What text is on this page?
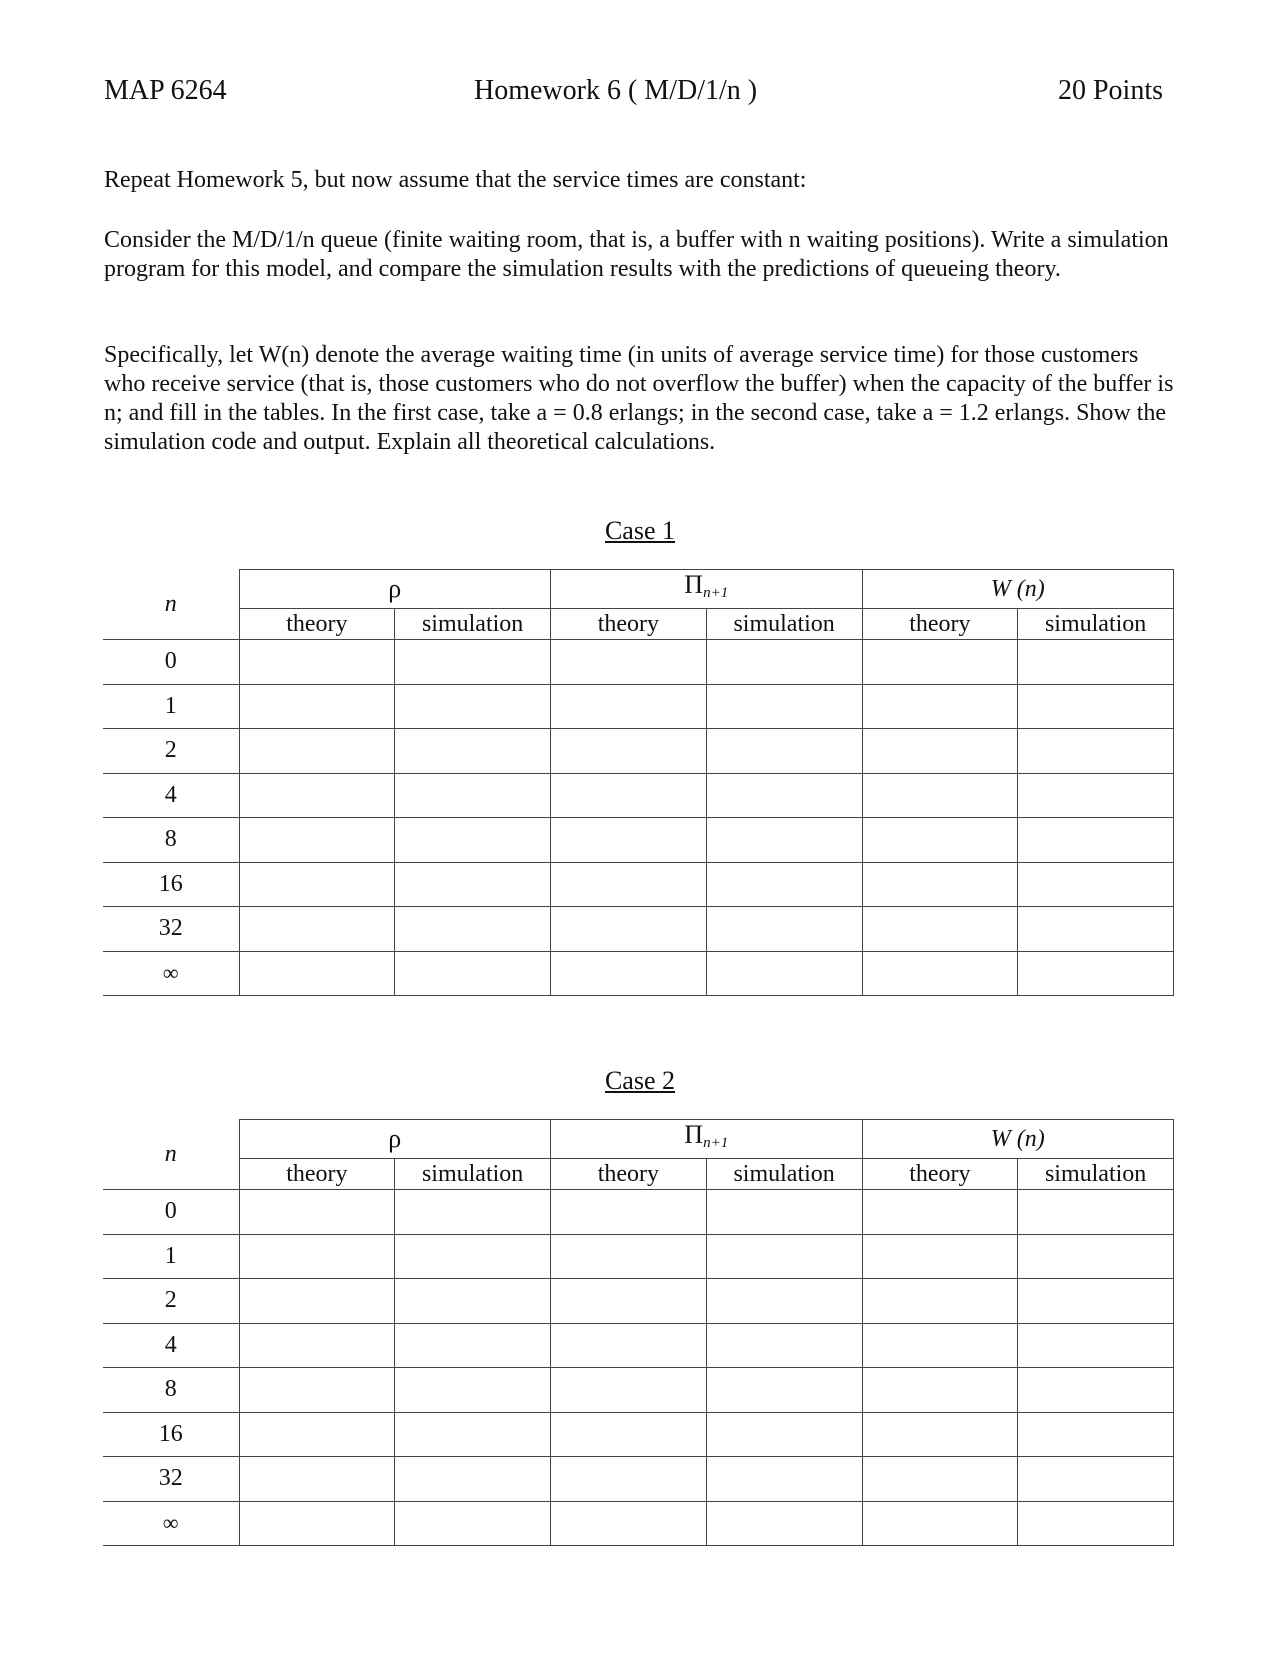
MAP 6264	Homework 6 ( M/D/1/n )	20 Points

Repeat Homework 5, but now assume that the service times are constant:

Consider the M/D/1/n queue (finite waiting room, that is, a buffer with n waiting positions). Write a simulation program for this model, and compare the simulation results with the predictions of queueing theory.

Specifically, let W(n) denote the average waiting time (in units of average service time) for those customers who receive service (that is, those customers who do not overflow the buffer) when the capacity of the buffer is n; and fill in the tables. In the first case, take a = 0.8 erlangs; in the second case, take a = 1.2 erlangs. Show the simulation code and output. Explain all theoretical calculations.

Case 1
n	ρ		$\Pi_{n+1}$		W (n)	
	theory	simulation	theory	simulation	theory	simulation
0						
1						
2						
4						
8						
16						
32						
∞						
Case 2
n	ρ		$\Pi_{n+1}$		W (n)	
	theory	simulation	theory	simulation	theory	simulation
0						
1						
2						
4						
8						
16						
32						
∞						
